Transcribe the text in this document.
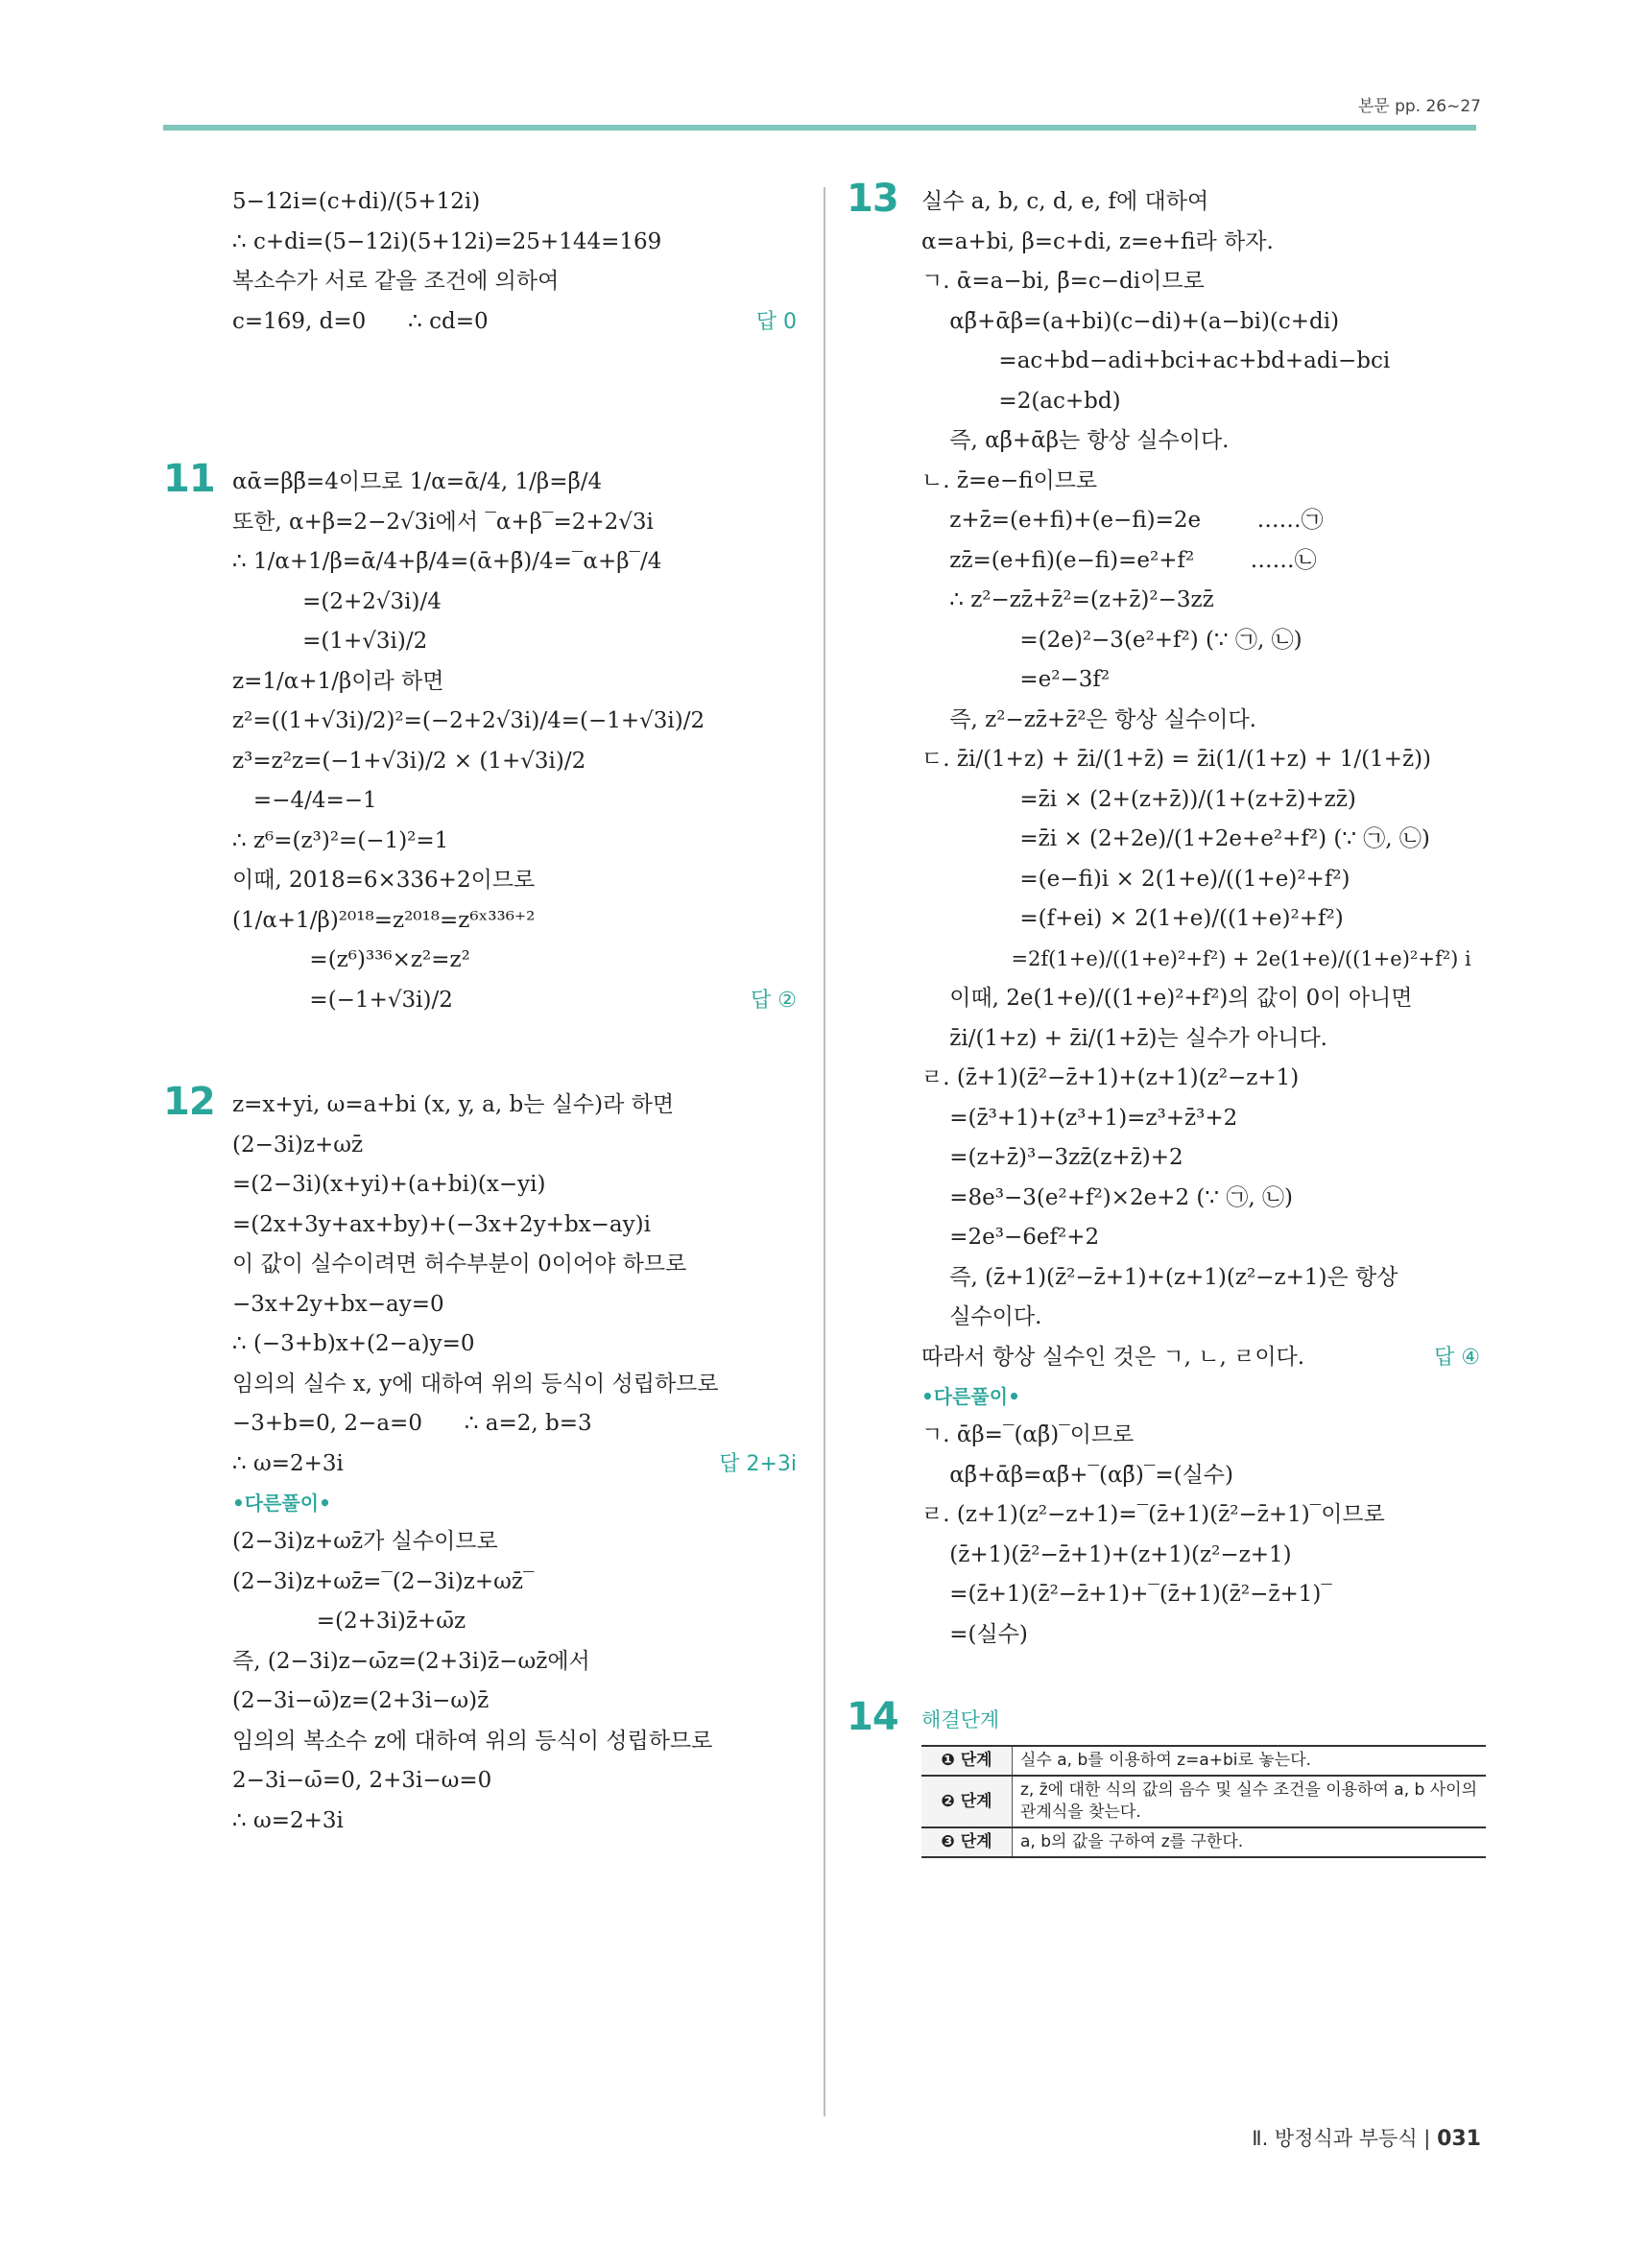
본문 pp. 26~27
5−12i=(c+di)/(5+12i)
∴ c+di=(5−12i)(5+12i)=25+144=169
복소수가 서로 같을 조건에 의하여
c=169, d=0      ∴ cd=0	답 0
11 αᾱ=ββ̄=4이므로 1/α=ᾱ/4, 1/β=β̄/4
또한, α+β=2−2√3i에서 ‾α+β‾=2+2√3i
∴ 1/α+1/β=ᾱ/4+β̄/4=(ᾱ+β̄)/4=‾α+β‾/4
=(2+2√3i)/4
=(1+√3i)/2
z=1/α+1/β이라 하면
z²=((1+√3i)/2)²=(−2+2√3i)/4=(−1+√3i)/2
z³=z²z=(−1+√3i)/2 × (1+√3i)/2
=−4/4=−1
∴ z⁶=(z³)²=(−1)²=1
이때, 2018=6×336+2이므로
(1/α+1/β)²⁰¹⁸=z²⁰¹⁸=z⁶ˣ³³⁶⁺²
=(z⁶)³³⁶×z²=z²
=(−1+√3i)/2	답 ②
12 z=x+yi, ω=a+bi (x, y, a, b는 실수)라 하면
(2−3i)z+ωz̄
=(2−3i)(x+yi)+(a+bi)(x−yi)
=(2x+3y+ax+by)+(−3x+2y+bx−ay)i
이 값이 실수이려면 허수부분이 0이어야 하므로
−3x+2y+bx−ay=0
∴ (−3+b)x+(2−a)y=0
임의의 실수 x, y에 대하여 위의 등식이 성립하므로
−3+b=0, 2−a=0      ∴ a=2, b=3
∴ ω=2+3i	답 2+3i
•다른풀이•
(2−3i)z+ωz̄가 실수이므로
(2−3i)z+ωz̄=‾(2−3i)z+ωz̄‾
=(2+3i)z̄+ω̄z
즉, (2−3i)z−ω̄z=(2+3i)z̄−ωz̄에서
(2−3i−ω̄)z=(2+3i−ω)z̄
임의의 복소수 z에 대하여 위의 등식이 성립하므로
2−3i−ω̄=0, 2+3i−ω=0
∴ ω=2+3i
13 실수 a, b, c, d, e, f에 대하여
α=a+bi, β=c+di, z=e+fi라 하자.
ㄱ. ᾱ=a−bi, β̄=c−di이므로
αβ̄+ᾱβ=(a+bi)(c−di)+(a−bi)(c+di)
=ac+bd−adi+bci+ac+bd+adi−bci
=2(ac+bd)
즉, αβ̄+ᾱβ는 항상 실수이다.
ㄴ. z̄=e−fi이므로
z+z̄=(e+fi)+(e−fi)=2e        ……㉠
zz̄=(e+fi)(e−fi)=e²+f²        ……㉡
∴ z²−zz̄+z̄²=(z+z̄)²−3zz̄
=(2e)²−3(e²+f²) (∵ ㉠, ㉡)
=e²−3f²
즉, z²−zz̄+z̄²은 항상 실수이다.
ㄷ. z̄i/(1+z) + z̄i/(1+z̄) = z̄i(1/(1+z) + 1/(1+z̄))
=z̄i × (2+(z+z̄))/(1+(z+z̄)+zz̄)
=z̄i × (2+2e)/(1+2e+e²+f²) (∵ ㉠, ㉡)
=(e−fi)i × 2(1+e)/((1+e)²+f²)
=(f+ei) × 2(1+e)/((1+e)²+f²)
=2f(1+e)/((1+e)²+f²) + 2e(1+e)/((1+e)²+f²) i
이때, 2e(1+e)/((1+e)²+f²)의 값이 0이 아니면
z̄i/(1+z) + z̄i/(1+z̄)는 실수가 아니다.
ㄹ. (z̄+1)(z̄²−z̄+1)+(z+1)(z²−z+1)
=(z̄³+1)+(z³+1)=z³+z̄³+2
=(z+z̄)³−3zz̄(z+z̄)+2
=8e³−3(e²+f²)×2e+2 (∵ ㉠, ㉡)
=2e³−6ef²+2
즉, (z̄+1)(z̄²−z̄+1)+(z+1)(z²−z+1)은 항상
실수이다.
따라서 항상 실수인 것은 ㄱ, ㄴ, ㄹ이다.	답 ④
•다른풀이•
ㄱ. ᾱβ=‾(αβ̄)‾이므로
αβ̄+ᾱβ=αβ̄+‾(αβ̄)‾=(실수)
ㄹ. (z+1)(z²−z+1)=‾(z̄+1)(z̄²−z̄+1)‾이므로
(z̄+1)(z̄²−z̄+1)+(z+1)(z²−z+1)
=(z̄+1)(z̄²−z̄+1)+‾(z̄+1)(z̄²−z̄+1)‾
=(실수)
14 해결단계
❶ 단계	실수 a, b를 이용하여 z=a+bi로 놓는다.
❷ 단계	z, z̄에 대한 식의 값의 음수 및 실수 조건을 이용하여 a, b 사이의 관계식을 찾는다.
❸ 단계	a, b의 값을 구하여 z를 구한다.
Ⅱ. 방정식과 부등식 | 031
